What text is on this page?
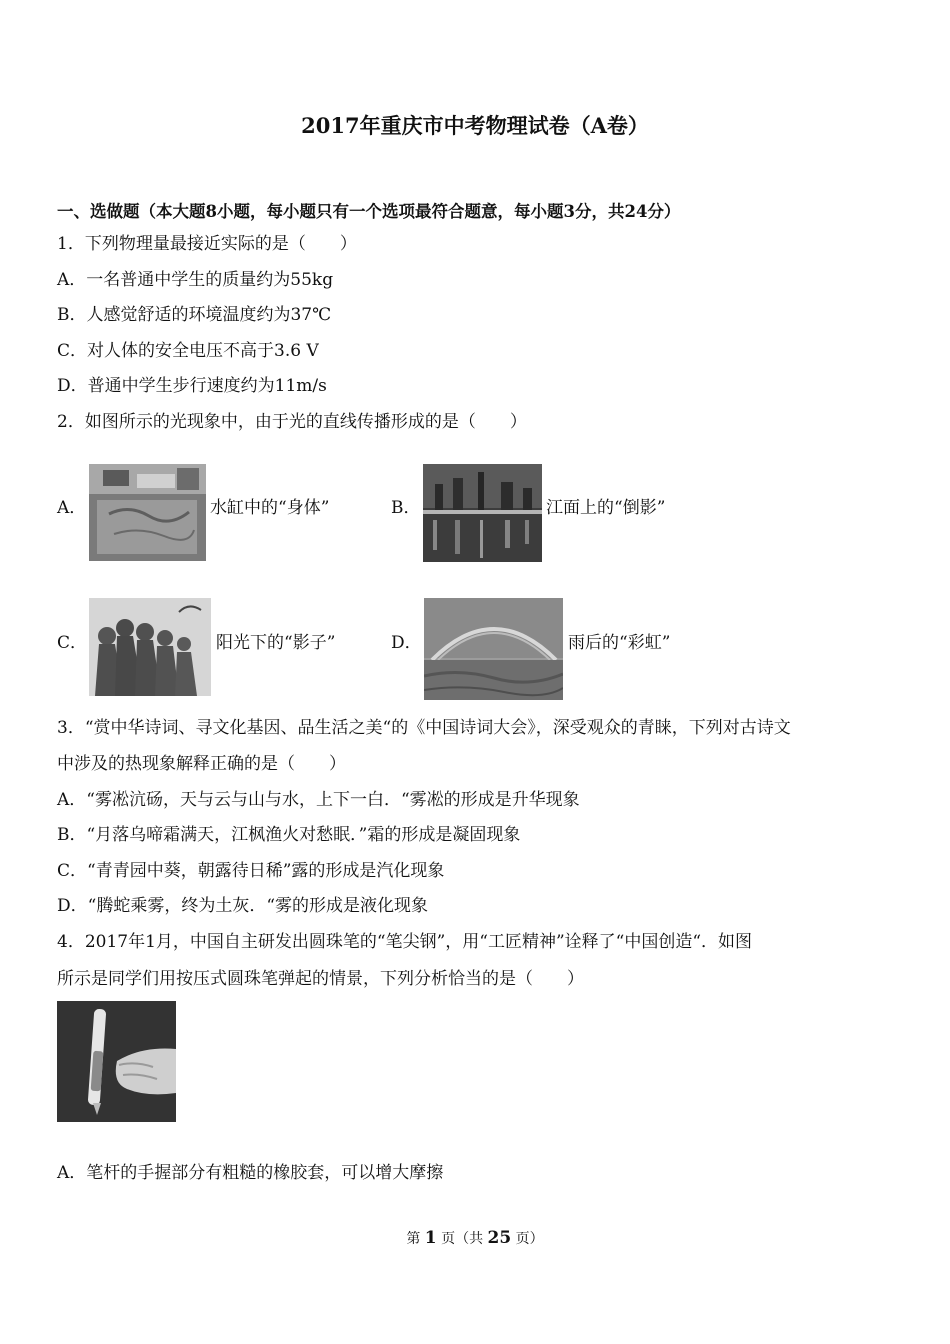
2017年重庆市中考物理试卷（A卷）
一、选做题（本大题8小题，每小题只有一个选项最符合题意，每小题3分，共24分）
1．下列物理量最接近实际的是（　　）
A．一名普通中学生的质量约为55kg
B．人感觉舒适的环境温度约为37℃
C．对人体的安全电压不高于3.6 V
D．普通中学生步行速度约为11m/s
2．如图所示的光现象中，由于光的直线传播形成的是（　　）
A．	水缸中的“身体”	B．	江面上的“倒影”
C．	阳光下的“影子”	D．	雨后的“彩虹”
3．“赏中华诗词、寻文化基因、品生活之美“的《中国诗词大会》，深受观众的青睐，下列对古诗文
中涉及的热现象解释正确的是（　　）
A．“雾凇沆砀，天与云与山与水，上下一白．“雾凇的形成是升华现象
B．“月落乌啼霜满天，江枫渔火对愁眠．”霜的形成是凝固现象
C．“青青园中葵，朝露待日稀”露的形成是汽化现象
D．“腾蛇乘雾，终为土灰．“雾的形成是液化现象
4．2017年1月，中国自主研发出圆珠笔的“笔尖钢”，用“工匠精神”诠释了“中国创造“．如图
所示是同学们用按压式圆珠笔弹起的情景，下列分析恰当的是（　　）
A．笔杆的手握部分有粗糙的橡胶套，可以增大摩擦
第 1 页（共 25 页）
